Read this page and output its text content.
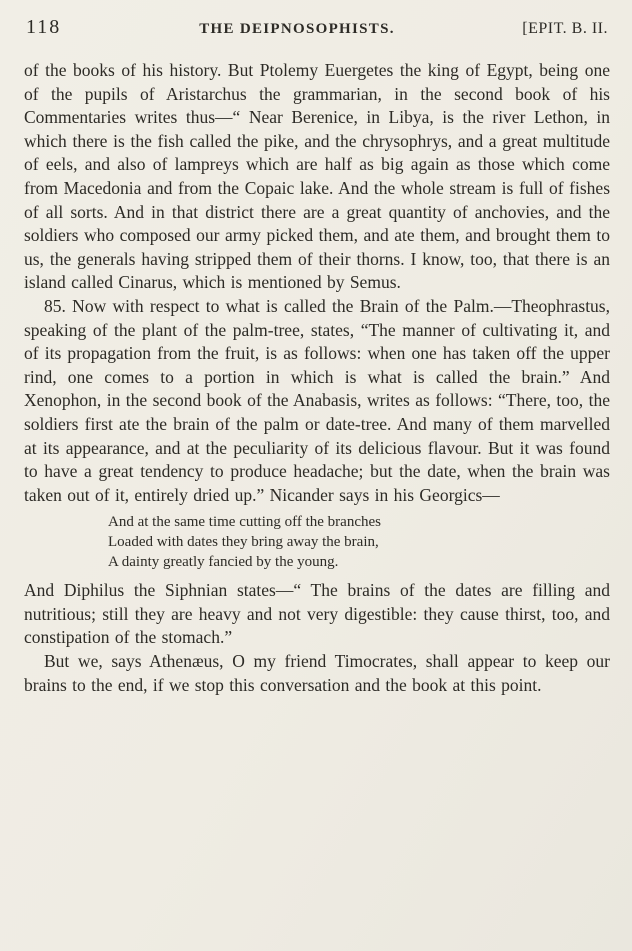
118	THE DEIPNOSOPHISTS.	[EPIT. B. II.

of the books of his history. But Ptolemy Euergetes the king of Egypt, being one of the pupils of Aristarchus the grammarian, in the second book of his Commentaries writes thus—“ Near Berenice, in Libya, is the river Lethon, in which there is the fish called the pike, and the chrysophrys, and a great multitude of eels, and also of lampreys which are half as big again as those which come from Macedonia and from the Copaic lake. And the whole stream is full of fishes of all sorts. And in that district there are a great quantity of anchovies, and the soldiers who composed our army picked them, and ate them, and brought them to us, the generals having stripped them of their thorns. I know, too, that there is an island called Cinarus, which is mentioned by Semus.

85. Now with respect to what is called the Brain of the Palm.—Theophrastus, speaking of the plant of the palm-tree, states, “The manner of cultivating it, and of its propagation from the fruit, is as follows: when one has taken off the upper rind, one comes to a portion in which is what is called the brain.” And Xenophon, in the second book of the Anabasis, writes as follows: “There, too, the soldiers first ate the brain of the palm or date-tree. And many of them marvelled at its appearance, and at the peculiarity of its delicious flavour. But it was found to have a great tendency to produce headache; but the date, when the brain was taken out of it, entirely dried up.” Nicander says in his Georgics—

And at the same time cutting off the branches
Loaded with dates they bring away the brain,
A dainty greatly fancied by the young.

And Diphilus the Siphnian states—“ The brains of the dates are filling and nutritious; still they are heavy and not very digestible: they cause thirst, too, and constipation of the stomach.”

But we, says Athenæus, O my friend Timocrates, shall appear to keep our brains to the end, if we stop this conversation and the book at this point.
